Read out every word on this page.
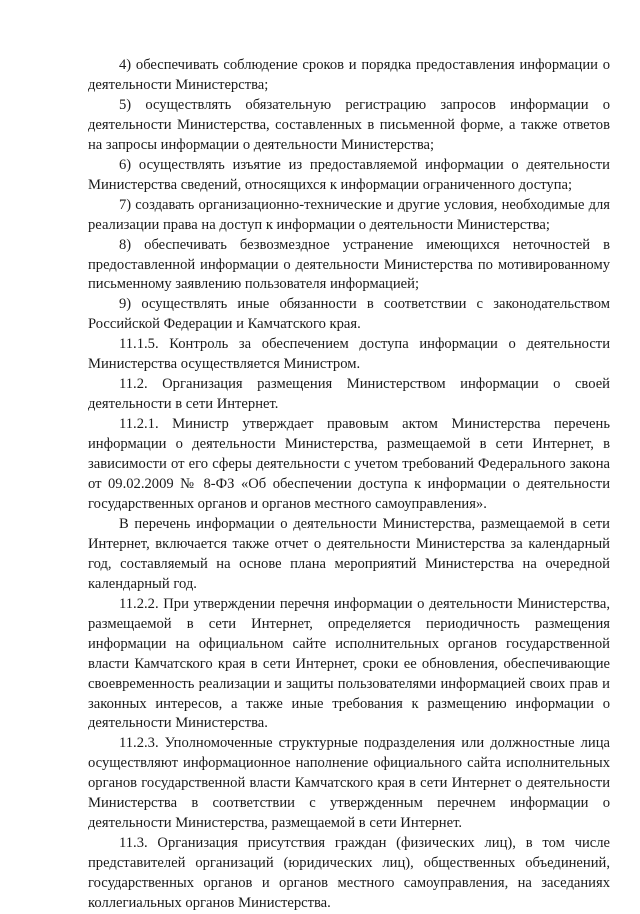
4) обеспечивать соблюдение сроков и порядка предоставления информации о деятельности Министерства;

5) осуществлять обязательную регистрацию запросов информации о деятельности Министерства, составленных в письменной форме, а также ответов на запросы информации о деятельности Министерства;

6) осуществлять изъятие из предоставляемой информации о деятельности Министерства сведений, относящихся к информации ограниченного доступа;

7) создавать организационно-технические и другие условия, необходимые для реализации права на доступ к информации о деятельности Министерства;

8) обеспечивать безвозмездное устранение имеющихся неточностей в предоставленной информации о деятельности Министерства по мотивированному письменному заявлению пользователя информацией;

9) осуществлять иные обязанности в соответствии с законодательством Российской Федерации и Камчатского края.

11.1.5. Контроль за обеспечением доступа информации о деятельности Министерства осуществляется Министром.

11.2. Организация размещения Министерством информации о своей деятельности в сети Интернет.

11.2.1. Министр утверждает правовым актом Министерства перечень информации о деятельности Министерства, размещаемой в сети Интернет, в зависимости от его сферы деятельности с учетом требований Федерального закона от 09.02.2009 № 8-ФЗ «Об обеспечении доступа к информации о деятельности государственных органов и органов местного самоуправления».

В перечень информации о деятельности Министерства, размещаемой в сети Интернет, включается также отчет о деятельности Министерства за календарный год, составляемый на основе плана мероприятий Министерства на очередной календарный год.

11.2.2. При утверждении перечня информации о деятельности Министерства, размещаемой в сети Интернет, определяется периодичность размещения информации на официальном сайте исполнительных органов государственной власти Камчатского края в сети Интернет, сроки ее обновления, обеспечивающие своевременность реализации и защиты пользователями информацией своих прав и законных интересов, а также иные требования к размещению информации о деятельности Министерства.

11.2.3. Уполномоченные структурные подразделения или должностные лица осуществляют информационное наполнение официального сайта исполнительных органов государственной власти Камчатского края в сети Интернет о деятельности Министерства в соответствии с утвержденным перечнем информации о деятельности Министерства, размещаемой в сети Интернет.

11.3. Организация присутствия граждан (физических лиц), в том числе представителей организаций (юридических лиц), общественных объединений, государственных органов и органов местного самоуправления, на заседаниях коллегиальных органов Министерства.
